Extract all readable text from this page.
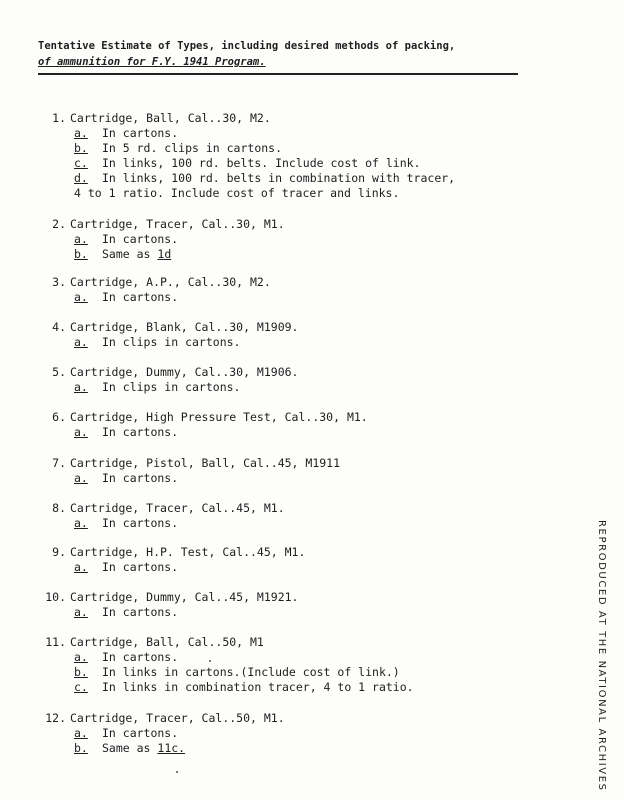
Tentative Estimate of Types, including desired methods of packing,
of ammunition for F.Y. 1941 Program.
1. Cartridge, Ball, Cal..30, M2.
a. In cartons.
b. In 5 rd. clips in cartons.
c. In links, 100 rd. belts. Include cost of link.
d. In links, 100 rd. belts in combination with tracer,
4 to 1 ratio. Include cost of tracer and links.
2. Cartridge, Tracer, Cal..30, M1.
a. In cartons.
b. Same as 1d
3. Cartridge, A.P., Cal..30, M2.
a. In cartons.
4. Cartridge, Blank, Cal..30, M1909.
a. In clips in cartons.
5. Cartridge, Dummy, Cal..30, M1906.
a. In clips in cartons.
6. Cartridge, High Pressure Test, Cal..30, M1.
a. In cartons.
7. Cartridge, Pistol, Ball, Cal..45, M1911
a. In cartons.
8. Cartridge, Tracer, Cal..45, M1.
a. In cartons.
9. Cartridge, H.P. Test, Cal..45, M1.
a. In cartons.
10. Cartridge, Dummy, Cal..45, M1921.
a. In cartons.
11. Cartridge, Ball, Cal..50, M1
a. In cartons.
b. In links in cartons.(Include cost of link.)
c. In links in combination tracer, 4 to 1 ratio.
12. Cartridge, Tracer, Cal..50, M1.
a. In cartons.
b. Same as 11c.	REPRODUCED AT THE NATIONAL ARCHIVES
